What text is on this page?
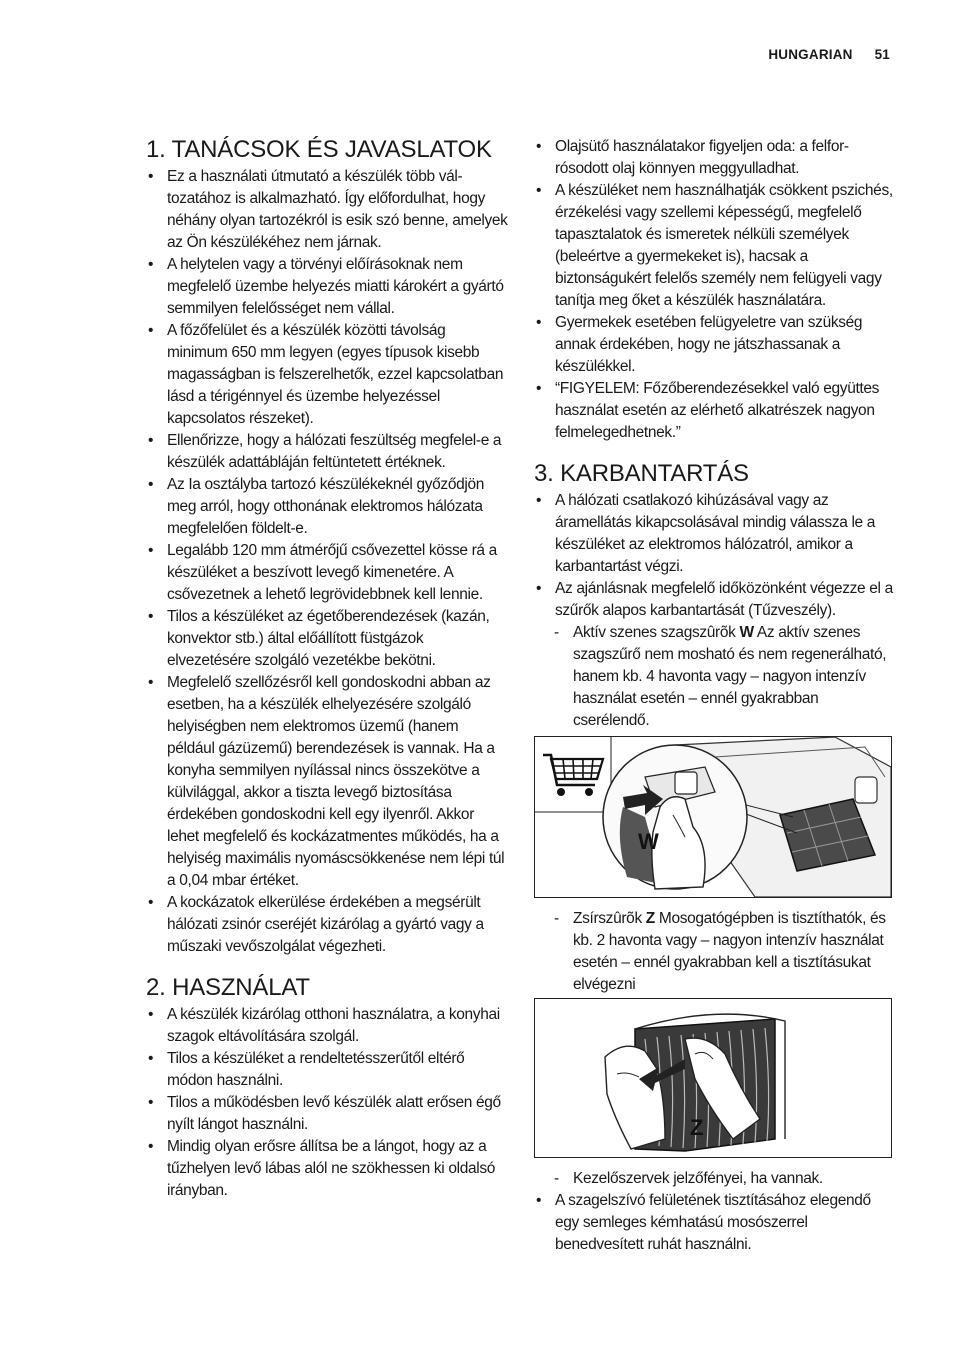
HUNGARIAN 51
1. TANÁCSOK ÉS JAVASLATOK
• Ez a használati útmutató a készülék több változatához is alkalmazható. Így előfordulhat, hogy néhány olyan tartozékról is esik szó benne, amelyek az Ön készülékéhez nem járnak.
• A helytelen vagy a törvényi előírásoknak nem megfelelő üzembe helyezés miatti károkért a gyártó semmilyen felelősséget nem vállal.
• A főzőfelület és a készülék közötti távolság minimum 650 mm legyen (egyes típusok kisebb magasságban is felszerelhetők, ezzel kapcsolatban lásd a térigénnyel és üzembe helyezéssel kapcsolatos részeket).
• Ellenőrizze, hogy a hálózati feszültség megfelel-e a készülék adattábláján feltüntetett értéknek.
• Az Ia osztályba tartozó készülékeknél győződjön meg arról, hogy otthonának elektromos hálózata megfelelően földelt-e.
• Legalább 120 mm átmérőjű csővezettel kösse rá a készüléket a beszívott levegő kimenetére. A csővezetnek a lehető legrövidebbnek kell lennie.
• Tilos a készüléket az égetőberendezések (kazán, konvektor stb.) által előállított füstgázok elvezetésére szolgáló vezetékbe bekötni.
• Megfelelő szellőzésről kell gondoskodni abban az esetben, ha a készülék elhelyezésére szolgáló helyiségben nem elektromos üzemű (hanem például gázüzemű) berendezések is vannak. Ha a konyha semmilyen nyílással nincs összekötve a külvilággal, akkor a tiszta levegő biztosítása érdekében gondoskodni kell egy ilyenről. Akkor lehet megfelelő és kockázatmentes működés, ha a helyiség maximális nyomáscsökkenése nem lépi túl a 0,04 mbar értéket.
• A kockázatok elkerülése érdekében a megsérült hálózati zsinór cseréjét kizárólag a gyártó vagy a műszaki vevőszolgálat végezheti.
2. HASZNÁLAT
• A készülék kizárólag otthoni használatra, a konyhai szagok eltávolítására szolgál.
• Tilos a készüléket a rendeltetésszerűtől eltérő módon használni.
• Tilos a működésben levő készülék alatt erősen égő nyílt lángot használni.
• Mindig olyan erősre állítsa be a lángot, hogy az a tűzhelyen levő lábas alól ne szökhessen ki oldalsó irányban.
• Olajsütő használatakor figyeljen oda: a felforrósodott olaj könnyen meggyulladhat.
• A készüléket nem használhatják csökkent pszichés, érzékelési vagy szellemi képességű, megfelelő tapasztalatok és ismeretek nélküli személyek (beleértve a gyermekeket is), hacsak a biztonságukért felelős személy nem felügyeli vagy tanítja meg őket a készülék használatára.
• Gyermekek esetében felügyeletre van szükség annak érdekében, hogy ne játszhassanak a készülékkel.
• “FIGYELEM: Főzőberendezésekkel való együttes használat esetén az elérhető alkatrészek nagyon felmelegedhetnek.”
3. KARBANTARTÁS
• A hálózati csatlakozó kihúzásával vagy az áramellátás kikapcsolásával mindig válassza le a készüléket az elektromos hálózatról, amikor a karbantartást végzi.
• Az ajánlásnak megfelelő időközönként végezze el a szűrők alapos karbantartását (Tűzveszély).
- Aktív szenes szagszûrõk W Az aktív szenes szagszűrő nem mosható és nem regenerálható, hanem kb. 4 havonta vagy – nagyon intenzív használat esetén – ennél gyakrabban cserélendő.
W
- Zsírszûrõk Z Mosogatógépben is tisztíthatók, és kb. 2 havonta vagy – nagyon intenzív használat esetén – ennél gyakrabban kell a tisztításukat elvégezni
Z
- Kezelőszervek jelzőfényei, ha vannak.
• A szagelszívó felületének tisztításához elegendő egy semleges kémhatású mosószerrel benedvesített ruhát használni.
